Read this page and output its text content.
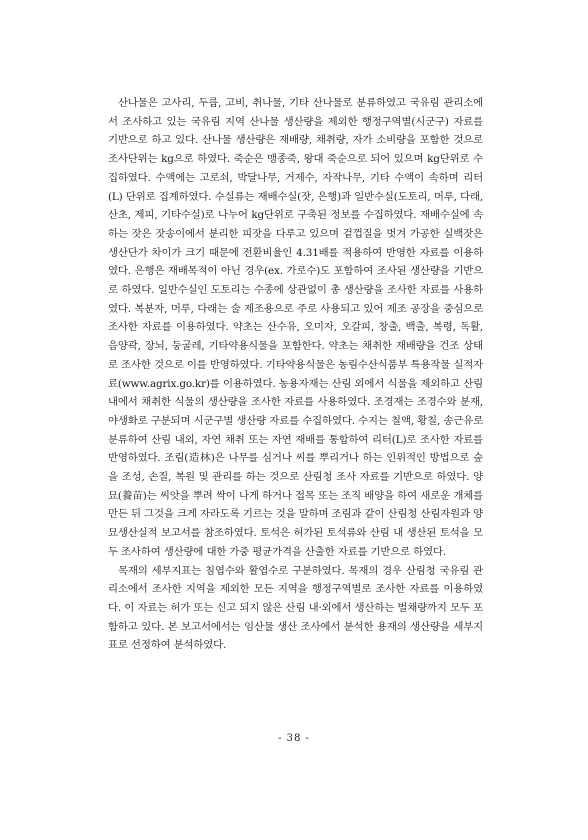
산나물은 고사리, 두릅, 고비, 취나물, 기타 산나물로 분류하였고 국유림 관리소에서 조사하고 있는 국유림 지역 산나물 생산량을 제외한 행정구역별(시군구) 자료를 기반으로 하고 있다. 산나물 생산량은 재배량, 채취량, 자가 소비량을 포함한 것으로 조사단위는 kg으로 하였다. 죽순은 맹종죽, 왕대 죽순으로 되어 있으며 kg단위로 수집하였다. 수액에는 고로쇠, 박달나무, 거제수, 자작나무, 기타 수액이 속하며 리터(L) 단위로 집계하였다. 수실류는 재배수실(잣, 은행)과 일반수실(도토리, 머루, 다래, 산초, 제피, 기타수실)로 나누어 kg단위로 구축된 정보를 수집하였다. 재배수실에 속하는 잣은 잣송이에서 분리한 피잣을 다루고 있으며 겉껍질을 벗겨 가공한 실백잣은 생산단가 차이가 크기 때문에 전환비율인 4.31배를 적용하여 반영한 자료를 이용하였다. 은행은 재배목적이 아닌 경우(ex. 가로수)도 포함하여 조사된 생산량을 기반으로 하였다. 일반수실인 도토리는 수종에 상관없이 총 생산량을 조사한 자료를 사용하였다. 복분자, 머루, 다래는 술 제조용으로 주로 사용되고 있어 제조 공장을 중심으로 조사한 자료를 이용하였다. 약초는 산수유, 오미자, 오갈피, 창출, 백출, 복령, 독활, 음양곽, 장뇌, 둥굴레, 기타약용식물을 포함한다. 약초는 채취한 재배량을 건조 상태로 조사한 것으로 이를 반영하였다. 기타약용식물은 농림수산식품부 특용작물 실적자료(www.agrix.go.kr)를 이용하였다. 농용자재는 산림 외에서 식물을 제외하고 산림 내에서 채취한 식물의 생산량을 조사한 자료를 사용하였다. 조경재는 조경수와 분재, 야생화로 구분되며 시군구별 생산량 자료를 수집하였다. 수지는 칠액, 황칠, 송근유로 분류하여 산림 내외, 자연 채취 또는 자연 재배를 통합하여 리터(L)로 조사한 자료를 반영하였다. 조림(造林)은 나무를 심거나 씨를 뿌리거나 하는 인위적인 방법으로 숲을 조성, 손질, 복원 및 관리를 하는 것으로 산림청 조사 자료를 기반으로 하였다. 양묘(養苗)는 씨앗을 뿌려 싹이 나게 하거나 접목 또는 조직 배양을 하여 새로운 개체를 만든 뒤 그것을 크게 자라도록 기르는 것을 말하며 조림과 같이 산림청 산림자원과 양묘생산실적 보고서를 참조하였다. 토석은 허가된 토석류와 산림 내 생산된 토석을 모두 조사하여 생산량에 대한 가중 평균가격을 산출한 자료를 기반으로 하였다.

목재의 세부지표는 침엽수와 활엽수로 구분하였다. 목재의 경우 산림청 국유림 관리소에서 조사한 지역을 제외한 모든 지역을 행정구역별로 조사한 자료를 이용하였다. 이 자료는 허가 또는 신고 되지 않은 산림 내·외에서 생산하는 벌채량까지 모두 포함하고 있다. 본 보고서에서는 임산물 생산 조사에서 분석한 용재의 생산량을 세부지표로 선정하여 분석하였다.

- 38 -
